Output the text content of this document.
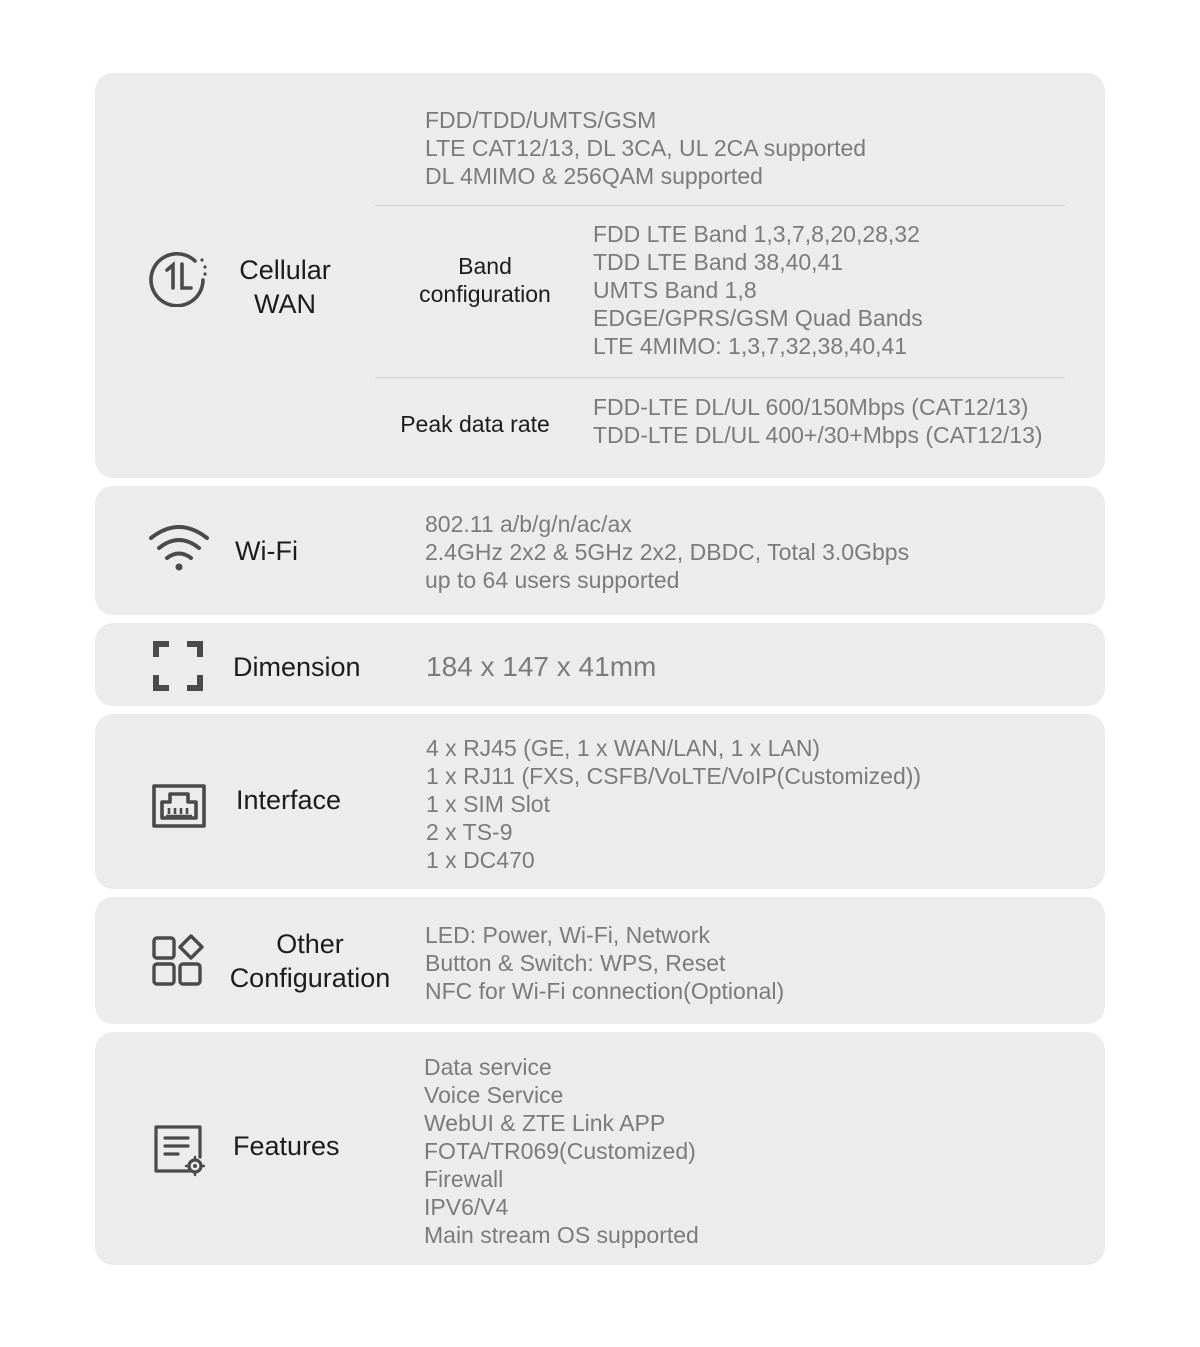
Cellular
WAN
FDD/TDD/UMTS/GSM
LTE CAT12/13, DL 3CA, UL 2CA supported
DL 4MIMO & 256QAM supported
Band
configuration
FDD LTE Band 1,3,7,8,20,28,32
TDD LTE Band 38,40,41
UMTS Band 1,8
EDGE/GPRS/GSM Quad Bands
LTE 4MIMO: 1,3,7,32,38,40,41
Peak data rate
FDD-LTE DL/UL 600/150Mbps (CAT12/13)
TDD-LTE DL/UL 400+/30+Mbps (CAT12/13)
Wi-Fi
802.11 a/b/g/n/ac/ax
2.4GHz 2x2 & 5GHz 2x2, DBDC, Total 3.0Gbps
up to 64 users supported
Dimension 184 x 147 x 41mm
Interface
4 x RJ45 (GE, 1 x WAN/LAN, 1 x LAN)
1 x RJ11 (FXS, CSFB/VoLTE/VoIP(Customized))
1 x SIM Slot
2 x TS-9
1 x DC470
Other
Configuration
LED: Power, Wi-Fi, Network
Button & Switch: WPS, Reset
NFC for Wi-Fi connection(Optional)
Features
Data service
Voice Service
WebUI & ZTE Link APP
FOTA/TR069(Customized)
Firewall
IPV6/V4
Main stream OS supported
